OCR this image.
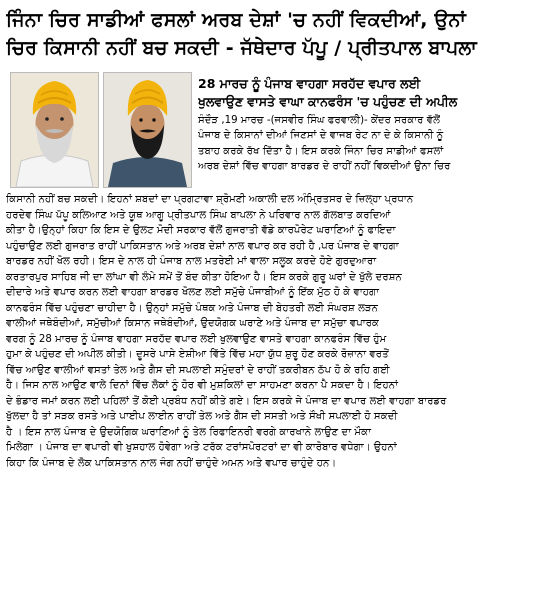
ਜਿੰਨਾ ਚਿਰ ਸਾਡੀਆਂ ਫਸਲਾਂ ਅਰਬ ਦੇਸ਼ਾਂ 'ਚ ਨਹੀਂ ਵਿਕਦੀਆਂ, ਉਨਾਂ
ਚਿਰ ਕਿਸਾਨੀ ਨਹੀਂ ਬਚ ਸਕਦੀ - ਜੱਥੇਦਾਰ ਪੱਪੂ / ਪ੍ਰੀਤਪਾਲ ਬਾਪਲਾ
28 ਮਾਰਚ ਨੂੰ ਪੰਜਾਬ ਵਾਹਗਾ ਸਰਹੱਦ ਵਪਾਰ ਲਈ
ਖੁਲਵਾਉਣ ਵਾਸਤੇ ਵਾਘਾ ਕਾਨਫਰੰਸ 'ਚ ਪਹੁੰਚਣ ਦੀ ਅਪੀਲ
ਸੰਦੌੜ ,19 ਮਾਰਚ -(ਜਸਵੀਰ ਸਿੰਘ ਫਰਵਾਲੀ)- ਕੇਂਦਰ ਸਰਕਾਰ ਵੱਲੋਂ
ਪੰਜਾਬ ਦੇ ਕਿਸਾਨਾਂ ਦੀਆਂ ਜਿਣਸਾਂ ਦੇ ਵਾਜਬ ਰੇਟ ਨਾ ਦੇ ਕੇ ਕਿਸਾਨੀ ਨੂੰ
ਤਬਾਹ ਕਰਕੇ ਰੱਖ ਦਿੱਤਾ ਹੈ। ਇਸ ਕਰਕੇ ਜਿੰਨਾ ਚਿਰ ਸਾਡੀਆਂ ਫਸਲਾਂ
ਅਰਬ ਦੇਸ਼ਾਂ ਵਿੱਚ ਵਾਹਗਾ ਬਾਰਡਰ ਦੇ ਰਾਹੀਂ ਨਹੀਂ ਵਿਕਦੀਆਂ ਉਨਾ ਚਿਰ
ਕਿਸਾਨੀ ਨਹੀਂ ਬਚ ਸਕਦੀ। ਇਹਨਾਂ ਸ਼ਬਦਾਂ ਦਾ ਪ੍ਰਗਟਾਵਾ ਸ਼੍ਰੋਮਣੀ ਅਕਾਲੀ ਦਲ ਅੰਮ੍ਰਿਤਸਰ ਦੇ ਜ਼ਿਲ੍ਹਾ ਪ੍ਰਧਾਨ
ਹਰਦੇਵ ਸਿੰਘ ਪੱਪੂ ਕਲਿਆਣ ਅਤੇ ਯੂਥ ਆਗੂ ਪ੍ਰੀਤਪਾਲ ਸਿੰਘ ਬਾਪਲਾ ਨੇ ਪਰਿਵਾਰ ਨਾਲ ਗੱਲਬਾਤ ਕਰਦਿਆਂ
ਕੀਤਾ ਹੈ।ਉਨ੍ਹਾਂ ਕਿਹਾ ਕਿ ਇਸ ਦੇ ਉਲਟ ਮੋਦੀ ਸਰਕਾਰ ਵੱਲੋਂ ਗੁਜਰਾਤੀ ਵੱਡੇ ਕਾਰਪੋਰੇਟ ਘਰਾਣਿਆਂ ਨੂੰ ਫਾਇਦਾ
ਪਹੁੰਚਾਉਣ ਲਈ ਗੁਜਰਾਤ ਰਾਹੀਂ ਪਾਕਿਸਤਾਨ ਅਤੇ ਅਰਬ ਦੇਸ਼ਾਂ ਨਾਲ ਵਪਾਰ ਕਰ ਰਹੀ ਹੈ ,ਪਰ ਪੰਜਾਬ ਦੇ ਵਾਹਗਾ
ਬਾਰਡਰ ਨਹੀਂ ਖੋਲ ਰਹੀ। ਇਸ ਦੇ ਨਾਲ ਹੀ ਪੰਜਾਬ ਨਾਲ ਮਤਰੇਈ ਮਾਂ ਵਾਲਾ ਸਲੂਕ ਕਰਦੇ ਹੋਏ ਗੁਰਦੁਆਰਾ
ਕਰਤਾਰਪੁਰ ਸਾਹਿਬ ਜੀ ਦਾ ਲਾਂਘਾ ਵੀ ਲੰਮੇ ਸਮੇਂ ਤੋਂ ਬੰਦ ਕੀਤਾ ਹੋਇਆ ਹੈ। ਇਸ ਕਰਕੇ ਗੁਰੂ ਘਰਾਂ ਦੇ ਖੁੱਲੇ ਦਰਸ਼ਨ
ਦੀਦਾਰੇ ਅਤੇ ਵਪਾਰ ਕਰਨ ਲਈ ਵਾਹਗਾ ਬਾਰਡਰ ਖੋਲਣ ਲਈ ਸਮੁੱਚੇ ਪੰਜਾਬੀਆਂ ਨੂੰ ਇੱਕ ਮੁੱਠ ਹੋ ਕੇ ਵਾਹਗਾ
ਕਾਨਫਰੰਸ ਵਿੱਚ ਪਹੁੰਚਣਾ ਚਾਹੀਦਾ ਹੈ। ਉਨ੍ਹਾਂ ਸਮੁੱਚੇ ਪੰਥਕ ਅਤੇ ਪੰਜਾਬ ਦੀ ਬੇਹਤਰੀ ਲਈ ਸੰਘਰਸ਼ ਲੜਨ
ਵਾਲੀਆਂ ਜਥੇਬੰਦੀਆਂ, ਸਮੁੱਚੀਆਂ ਕਿਸਾਨ ਜਥੇਬੰਦੀਆਂ, ਉਦਯੋਗਕ ਘਰਾਣੇ ਅਤੇ ਪੰਜਾਬ ਦਾ ਸਮੁੱਚਾ ਵਪਾਰਕ
ਵਰਗ ਨੂੰ 28 ਮਾਰਚ ਨੂੰ ਪੰਜਾਬ ਵਾਹਗਾ ਸਰਹੱਦ ਵਪਾਰ ਲਈ ਖੁਲਵਾਉਣ ਵਾਸਤੇ ਵਾਹਗਾ ਕਾਨਫਰੰਸ ਵਿੱਚ ਹੁੰਮ
ਹੁਮਾ ਕੇ ਪਹੁੰਚਣ ਦੀ ਅਪੀਲ ਕੀਤੀ। ਦੂਸਰੇ ਪਾਸੇ ਏਸ਼ੀਆ ਵਿੱਤੇ ਵਿੱਚ ਮਹਾ ਯੁੱਧ ਸ਼ੁਰੂ ਹੋਣ ਕਰਕੇ ਰੋਜ਼ਾਨਾ ਵਰਤੋਂ
ਵਿੱਚ ਆਉਣ ਵਾਲੀਆਂ ਵਸਤਾਂ ਤੇਲ ਅਤੇ ਗੈਸ ਦੀ ਸਪਲਾਈ ਸਮੁੰਦਰਾਂ ਦੇ ਰਾਹੀਂ ਤਕਰੀਬਨ ਠੱਪ ਹੋ ਕੇ ਰਹਿ ਗਈ
ਹੈ। ਜਿਸ ਨਾਲ ਆਉਣ ਵਾਲੇ ਦਿਨਾਂ ਵਿੱਚ ਲੋਕਾਂ ਨੂੰ ਹੋਰ ਵੀ ਮੁਸ਼ਕਿਲਾਂ ਦਾ ਸਾਹਮਣਾ ਕਰਨਾ ਪੈ ਸਕਦਾ ਹੈ। ਇਹਨਾਂ
ਦੇ ਭੰਡਾਰ ਜਮਾਂ ਕਰਨ ਲਈ ਪਹਿਲਾਂ ਤੋਂ ਕੋਈ ਪ੍ਰਬੰਧ ਨਹੀਂ ਕੀਤੇ ਗਏ। ਇਸ ਕਰਕੇ ਜੇ ਪੰਜਾਬ ਦਾ ਵਪਾਰ ਲਈ ਵਾਹਗਾ ਬਾਰਡਰ
ਖੁੱਲਦਾ ਹੈ ਤਾਂ ਸੜਕ ਰਸਤੇ ਅਤੇ ਪਾਈਪ ਲਾਈਨ ਰਾਹੀਂ ਤੇਲ ਅਤੇ ਗੈਸ ਦੀ ਸਸਤੀ ਅਤੇ ਸੌਖੀ ਸਪਲਾਈ ਹੋ ਸਕਦੀ
ਹੈ । ਇਸ ਨਾਲ ਪੰਜਾਬ ਦੇ ਉਦਯੋਗਿਕ ਘਰਾਣਿਆਂ ਨੂੰ ਤੇਲ ਰਿਫਾਇਨਰੀ ਵਰਗੇ ਕਾਰਖਾਨੇ ਲਾਉਣ ਦਾ ਮੌਕਾ
ਮਿਲੇਗਾ । ਪੰਜਾਬ ਦਾ ਵਪਾਰੀ ਵੀ ਖੁਸ਼ਹਾਲ ਹੋਵੇਗਾ ਅਤੇ ਟਰੱਕ ਟਰਾਂਸਪੋਰਟਰਾਂ ਦਾ ਵੀ ਕਾਰੋਬਾਰ ਵਧੇਗਾ। ਉਹਨਾਂ
ਕਿਹਾ ਕਿ ਪੰਜਾਬ ਦੇ ਲੋਕ ਪਾਕਿਸਤਾਨ ਨਾਲ ਜੰਗ ਨਹੀਂ ਚਾਹੁੰਦੇ ਅਮਨ ਅਤੇ ਵਪਾਰ ਚਾਹੁੰਦੇ ਹਨ।
